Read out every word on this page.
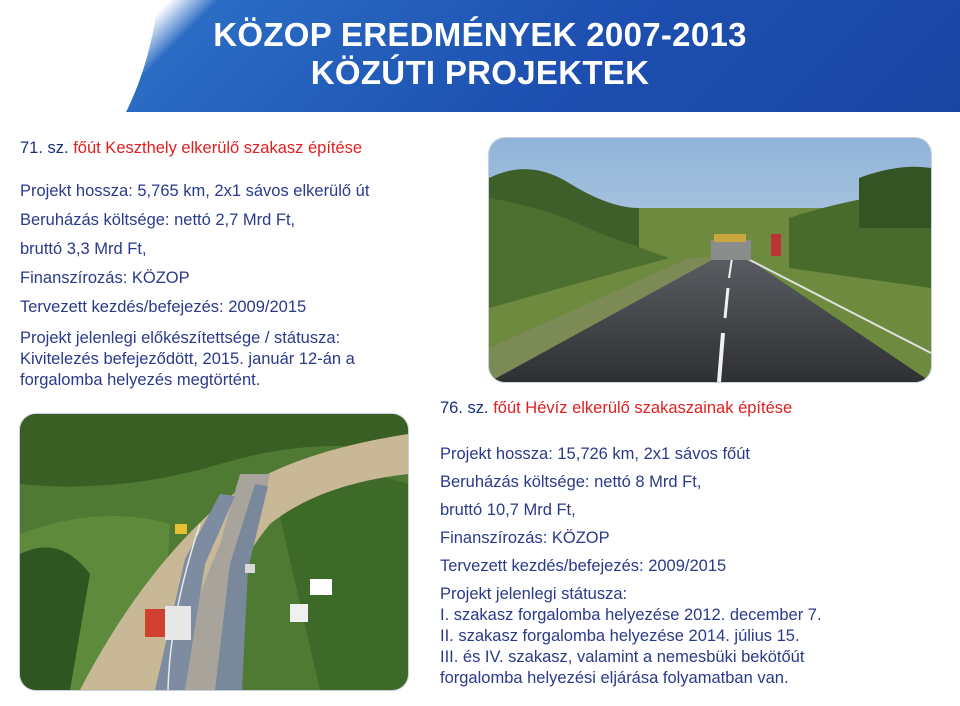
KÖZOP EREDMÉNYEK 2007-2013
KÖZÚTI PROJEKTEK
71. sz. főút Keszthely elkerülő szakasz építése
Projekt hossza: 5,765 km, 2x1 sávos elkerülő út
Beruházás költsége: nettó 2,7 Mrd Ft,
bruttó 3,3 Mrd Ft,
Finanszírozás: KÖZOP
Tervezett kezdés/befejezés: 2009/2015
Projekt jelenlegi előkészítettsége / státusza:
Kivitelezés befejeződött, 2015. január 12-án a
forgalomba helyezés megtörtént.
76. sz. főút Hévíz elkerülő szakaszainak építése
Projekt hossza: 15,726 km, 2x1 sávos főút
Beruházás költsége: nettó 8 Mrd Ft,
bruttó 10,7 Mrd Ft,
Finanszírozás: KÖZOP
Tervezett kezdés/befejezés: 2009/2015
Projekt jelenlegi státusza:
I. szakasz forgalomba helyezése 2012. december 7.
II. szakasz forgalomba helyezése 2014. július 15.
III. és IV. szakasz, valamint a nemesbüki bekötőút
forgalomba helyezési eljárása folyamatban van.
